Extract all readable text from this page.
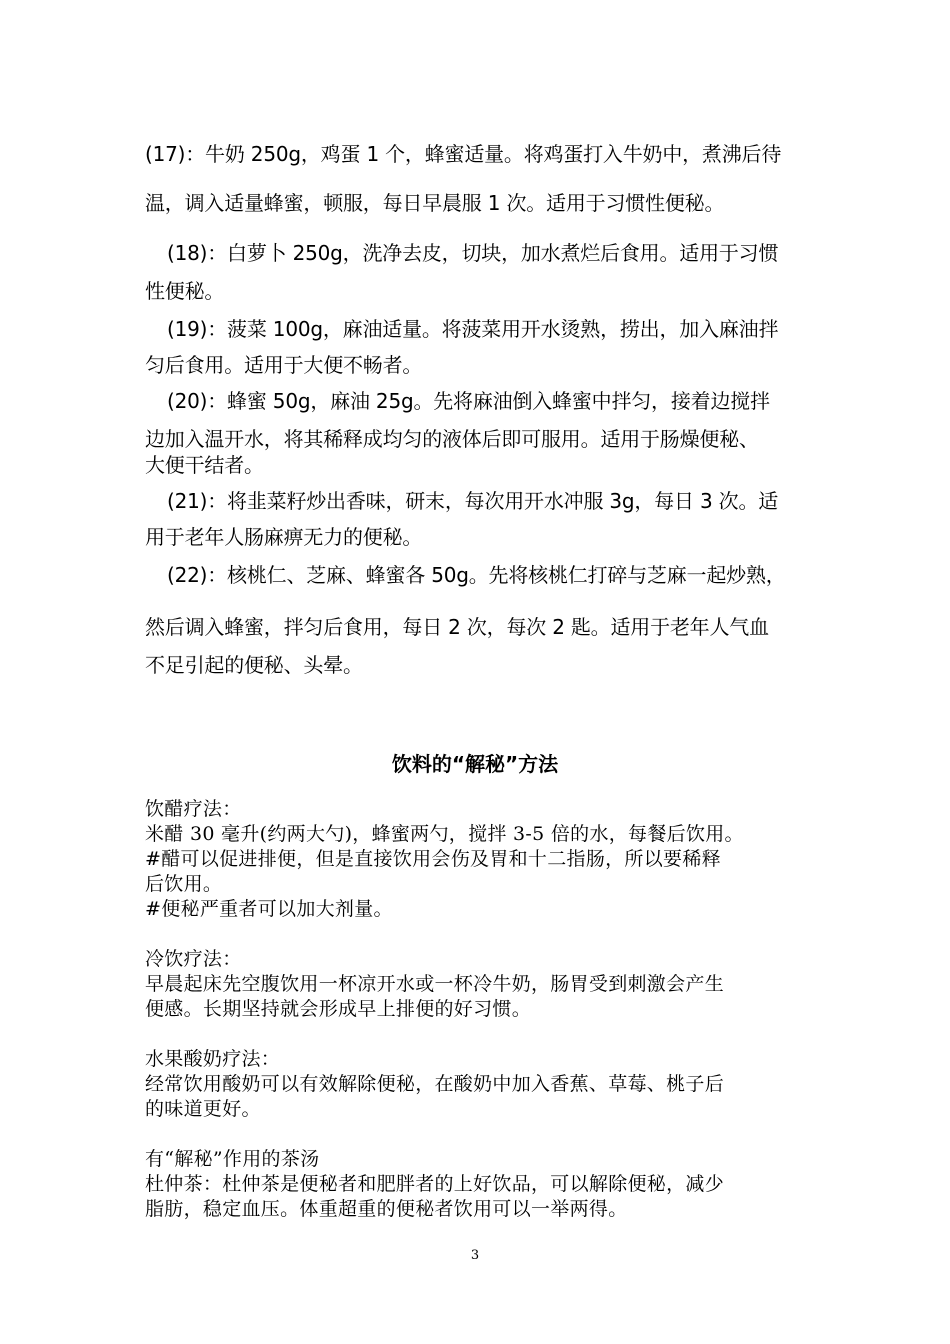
(17)：牛奶 250g，鸡蛋 1 个，蜂蜜适量。将鸡蛋打入牛奶中，煮沸后待
温，调入适量蜂蜜，顿服，每日早晨服 1 次。适用于习惯性便秘。
(18)：白萝卜 250g，洗净去皮，切块，加水煮烂后食用。适用于习惯
性便秘。
(19)：菠菜 100g，麻油适量。将菠菜用开水烫熟，捞出，加入麻油拌
匀后食用。适用于大便不畅者。
(20)：蜂蜜 50g，麻油 25g。先将麻油倒入蜂蜜中拌匀，接着边搅拌
边加入温开水，将其稀释成均匀的液体后即可服用。适用于肠燥便秘、
大便干结者。
(21)：将韭菜籽炒出香味，研末，每次用开水冲服 3g，每日 3 次。适
用于老年人肠麻痹无力的便秘。
(22)：核桃仁、芝麻、蜂蜜各 50g。先将核桃仁打碎与芝麻一起炒熟，
然后调入蜂蜜，拌匀后食用，每日 2 次，每次 2 匙。适用于老年人气血
不足引起的便秘、头晕。
饮料的“解秘”方法
饮醋疗法：
米醋 30 毫升(约两大勺)，蜂蜜两勺，搅拌 3-5 倍的水，每餐后饮用。
#醋可以促进排便，但是直接饮用会伤及胃和十二指肠，所以要稀释
后饮用。
#便秘严重者可以加大剂量。
冷饮疗法：
早晨起床先空腹饮用一杯凉开水或一杯冷牛奶，肠胃受到刺激会产生
便感。长期坚持就会形成早上排便的好习惯。
水果酸奶疗法：
经常饮用酸奶可以有效解除便秘，在酸奶中加入香蕉、草莓、桃子后
的味道更好。
有“解秘”作用的茶汤
杜仲茶：杜仲茶是便秘者和肥胖者的上好饮品，可以解除便秘，减少
脂肪，稳定血压。体重超重的便秘者饮用可以一举两得。
3
